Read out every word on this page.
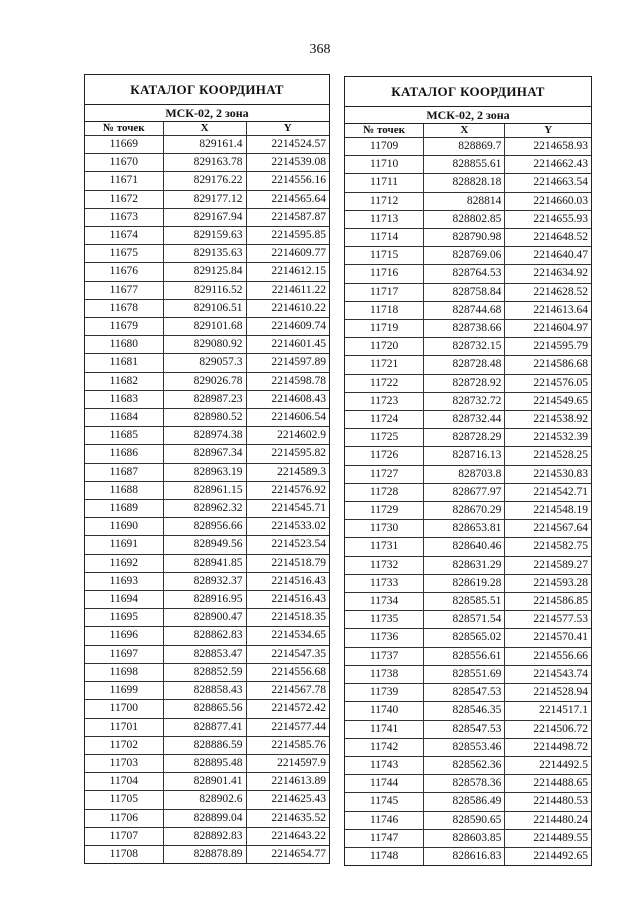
368
КАТАЛОГ КООРДИНАТ
МСК-02, 2 зона
№ точек	X	Y
11669	829161.4	2214524.57
11670	829163.78	2214539.08
11671	829176.22	2214556.16
11672	829177.12	2214565.64
11673	829167.94	2214587.87
11674	829159.63	2214595.85
11675	829135.63	2214609.77
11676	829125.84	2214612.15
11677	829116.52	2214611.22
11678	829106.51	2214610.22
11679	829101.68	2214609.74
11680	829080.92	2214601.45
11681	829057.3	2214597.89
11682	829026.78	2214598.78
11683	828987.23	2214608.43
11684	828980.52	2214606.54
11685	828974.38	2214602.9
11686	828967.34	2214595.82
11687	828963.19	2214589.3
11688	828961.15	2214576.92
11689	828962.32	2214545.71
11690	828956.66	2214533.02
11691	828949.56	2214523.54
11692	828941.85	2214518.79
11693	828932.37	2214516.43
11694	828916.95	2214516.43
11695	828900.47	2214518.35
11696	828862.83	2214534.65
11697	828853.47	2214547.35
11698	828852.59	2214556.68
11699	828858.43	2214567.78
11700	828865.56	2214572.42
11701	828877.41	2214577.44
11702	828886.59	2214585.76
11703	828895.48	2214597.9
11704	828901.41	2214613.89
11705	828902.6	2214625.43
11706	828899.04	2214635.52
11707	828892.83	2214643.22
11708	828878.89	2214654.77
КАТАЛОГ КООРДИНАТ
МСК-02, 2 зона
№ точек	X	Y
11709	828869.7	2214658.93
11710	828855.61	2214662.43
11711	828828.18	2214663.54
11712	828814	2214660.03
11713	828802.85	2214655.93
11714	828790.98	2214648.52
11715	828769.06	2214640.47
11716	828764.53	2214634.92
11717	828758.84	2214628.52
11718	828744.68	2214613.64
11719	828738.66	2214604.97
11720	828732.15	2214595.79
11721	828728.48	2214586.68
11722	828728.92	2214576.05
11723	828732.72	2214549.65
11724	828732.44	2214538.92
11725	828728.29	2214532.39
11726	828716.13	2214528.25
11727	828703.8	2214530.83
11728	828677.97	2214542.71
11729	828670.29	2214548.19
11730	828653.81	2214567.64
11731	828640.46	2214582.75
11732	828631.29	2214589.27
11733	828619.28	2214593.28
11734	828585.51	2214586.85
11735	828571.54	2214577.53
11736	828565.02	2214570.41
11737	828556.61	2214556.66
11738	828551.69	2214543.74
11739	828547.53	2214528.94
11740	828546.35	2214517.1
11741	828547.53	2214506.72
11742	828553.46	2214498.72
11743	828562.36	2214492.5
11744	828578.36	2214488.65
11745	828586.49	2214480.53
11746	828590.65	2214480.24
11747	828603.85	2214489.55
11748	828616.83	2214492.65
